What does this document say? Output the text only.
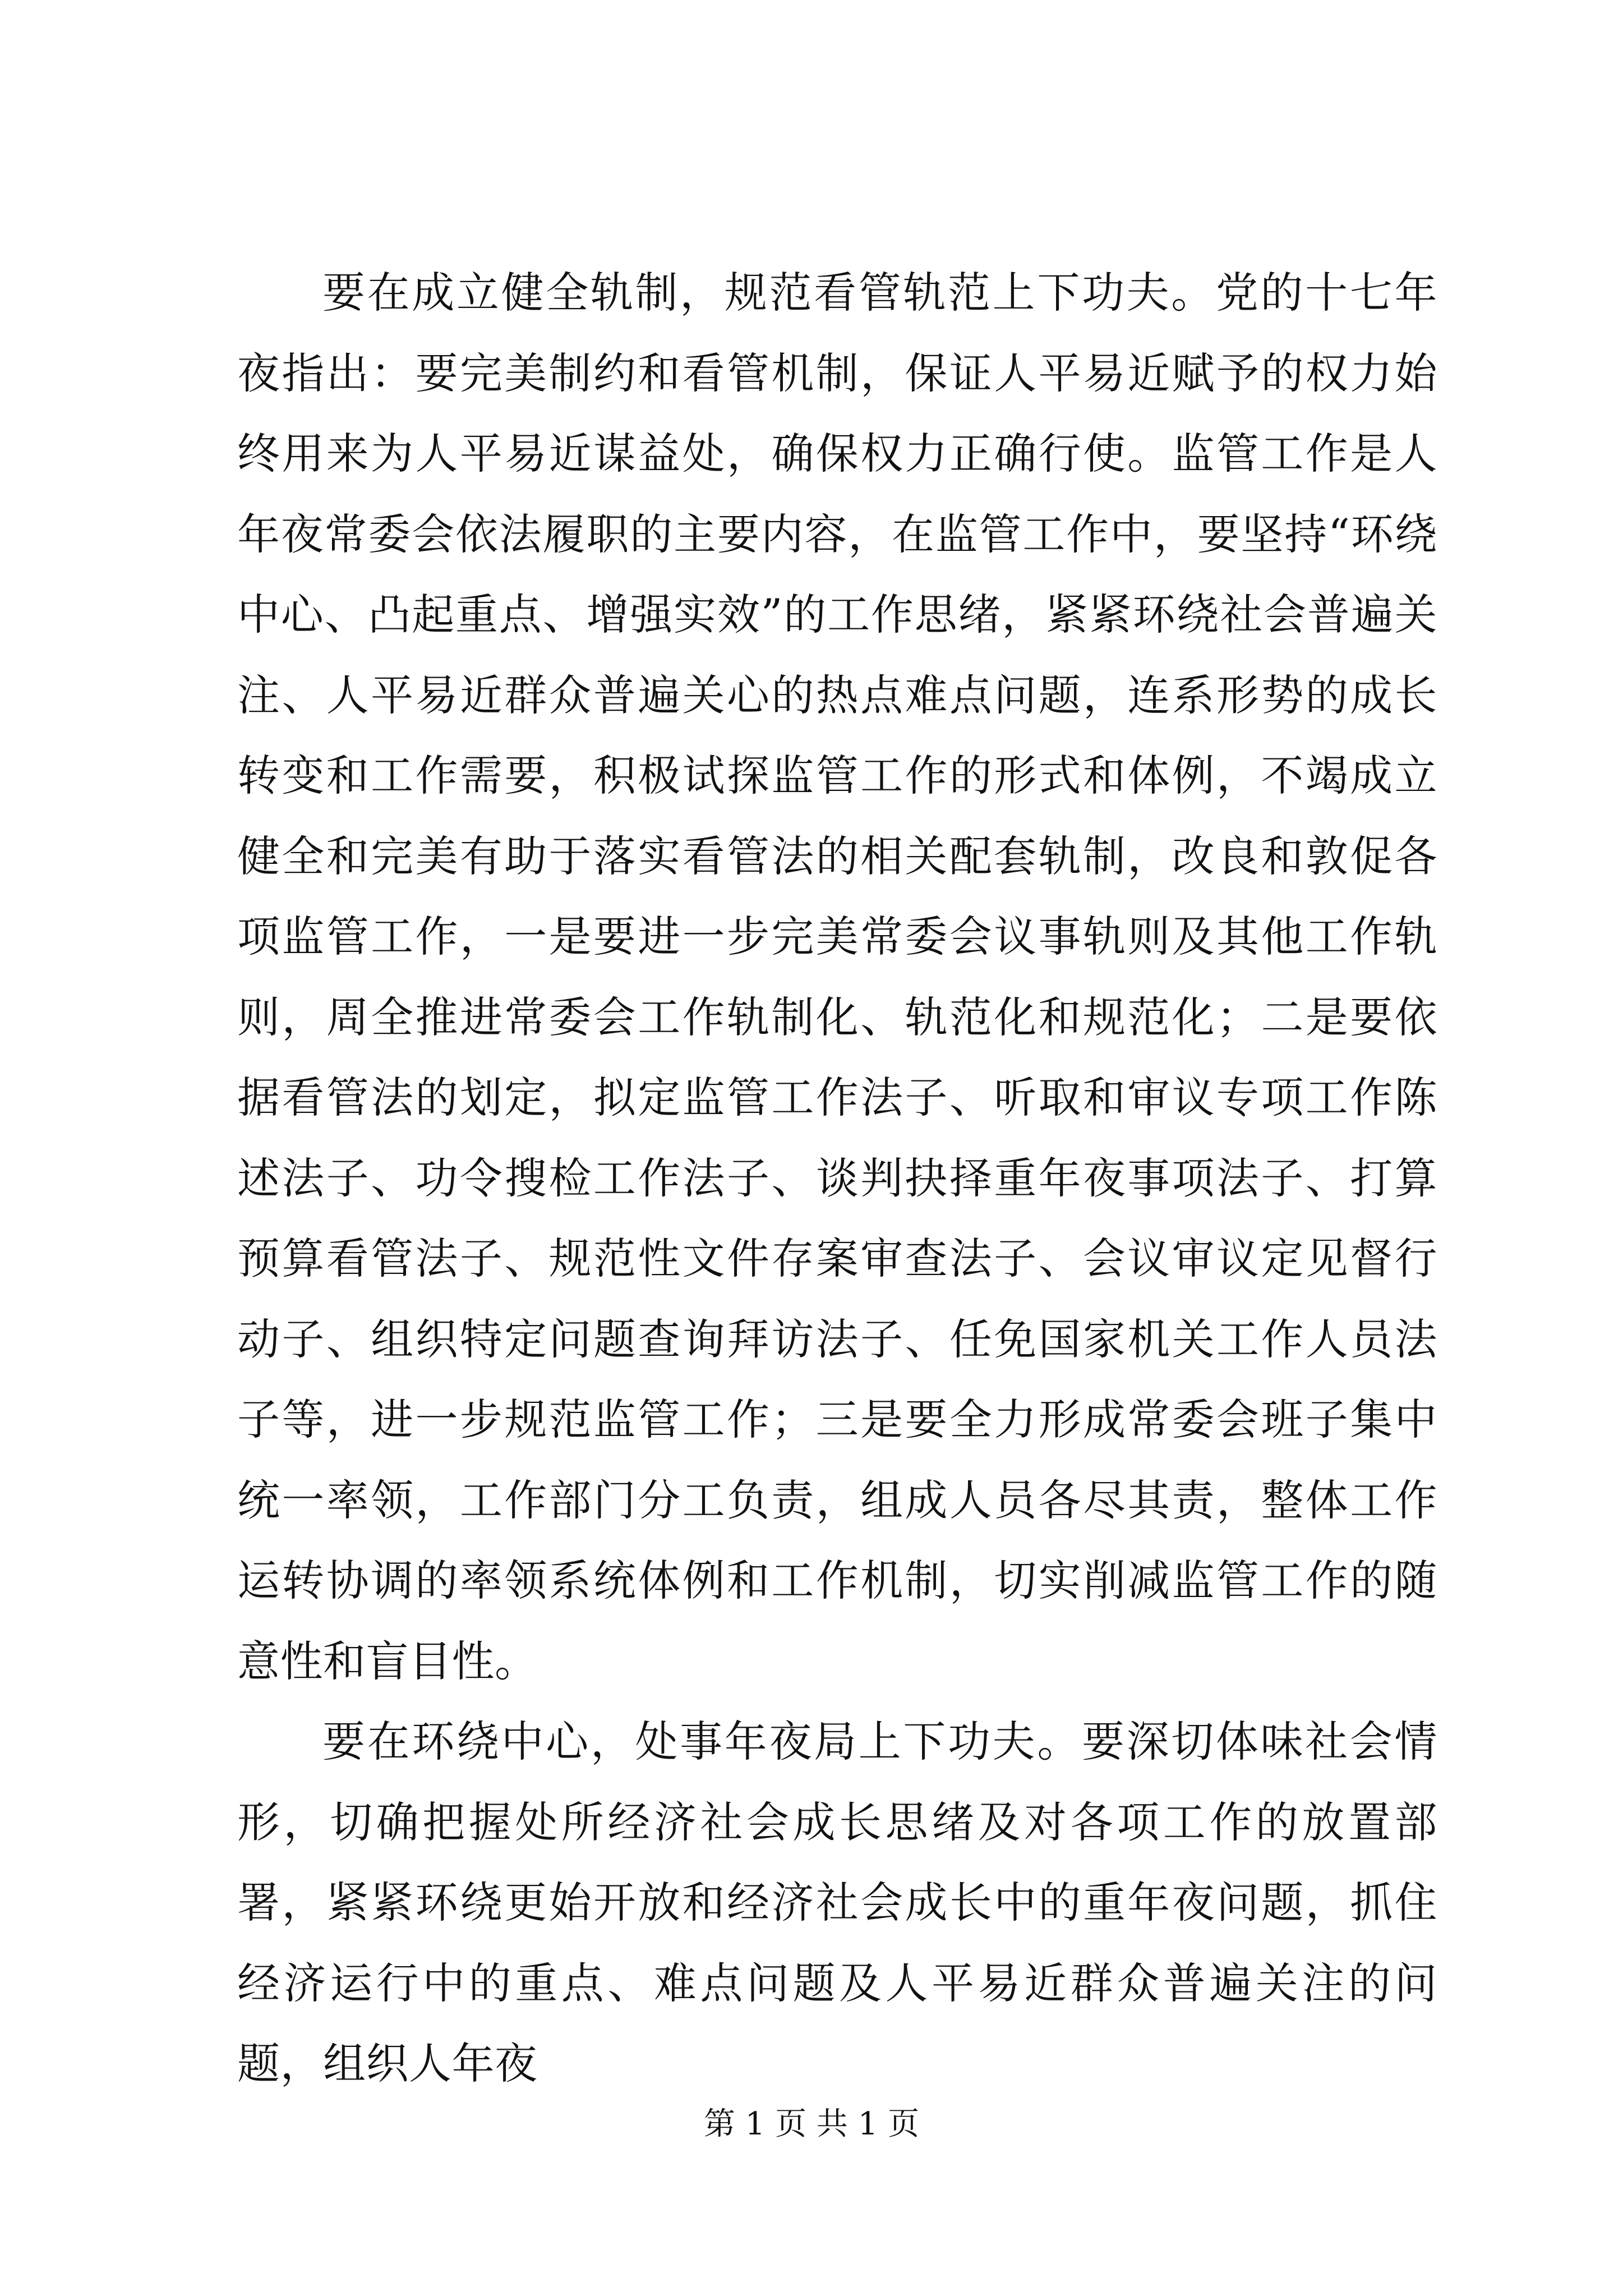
要在成立健全轨制，规范看管轨范上下功夫。党的十七年夜指出：要完美制约和看管机制，保证人平易近赋予的权力始终用来为人平易近谋益处，确保权力正确行使。监管工作是人年夜常委会依法履职的主要内容，在监管工作中，要坚持“环绕中心、凸起重点、增强实效”的工作思绪，紧紧环绕社会普遍关注、人平易近群众普遍关心的热点难点问题，连系形势的成长转变和工作需要，积极试探监管工作的形式和体例，不竭成立健全和完美有助于落实看管法的相关配套轨制，改良和敦促各项监管工作，一是要进一步完美常委会议事轨则及其他工作轨则，周全推进常委会工作轨制化、轨范化和规范化；二是要依据看管法的划定，拟定监管工作法子、听取和审议专项工作陈述法子、功令搜检工作法子、谈判抉择重年夜事项法子、打算预算看管法子、规范性文件存案审查法子、会议审议定见督行动子、组织特定问题查询拜访法子、任免国家机关工作人员法子等，进一步规范监管工作；三是要全力形成常委会班子集中统一率领，工作部门分工负责，组成人员各尽其责，整体工作运转协调的率领系统体例和工作机制，切实削减监管工作的随意性和盲目性。

要在环绕中心，处事年夜局上下功夫。要深切体味社会情形，切确把握处所经济社会成长思绪及对各项工作的放置部署，紧紧环绕更始开放和经济社会成长中的重年夜问题，抓住经济运行中的重点、难点问题及人平易近群众普遍关注的问题，组织人年夜

第 1 页 共 1 页
